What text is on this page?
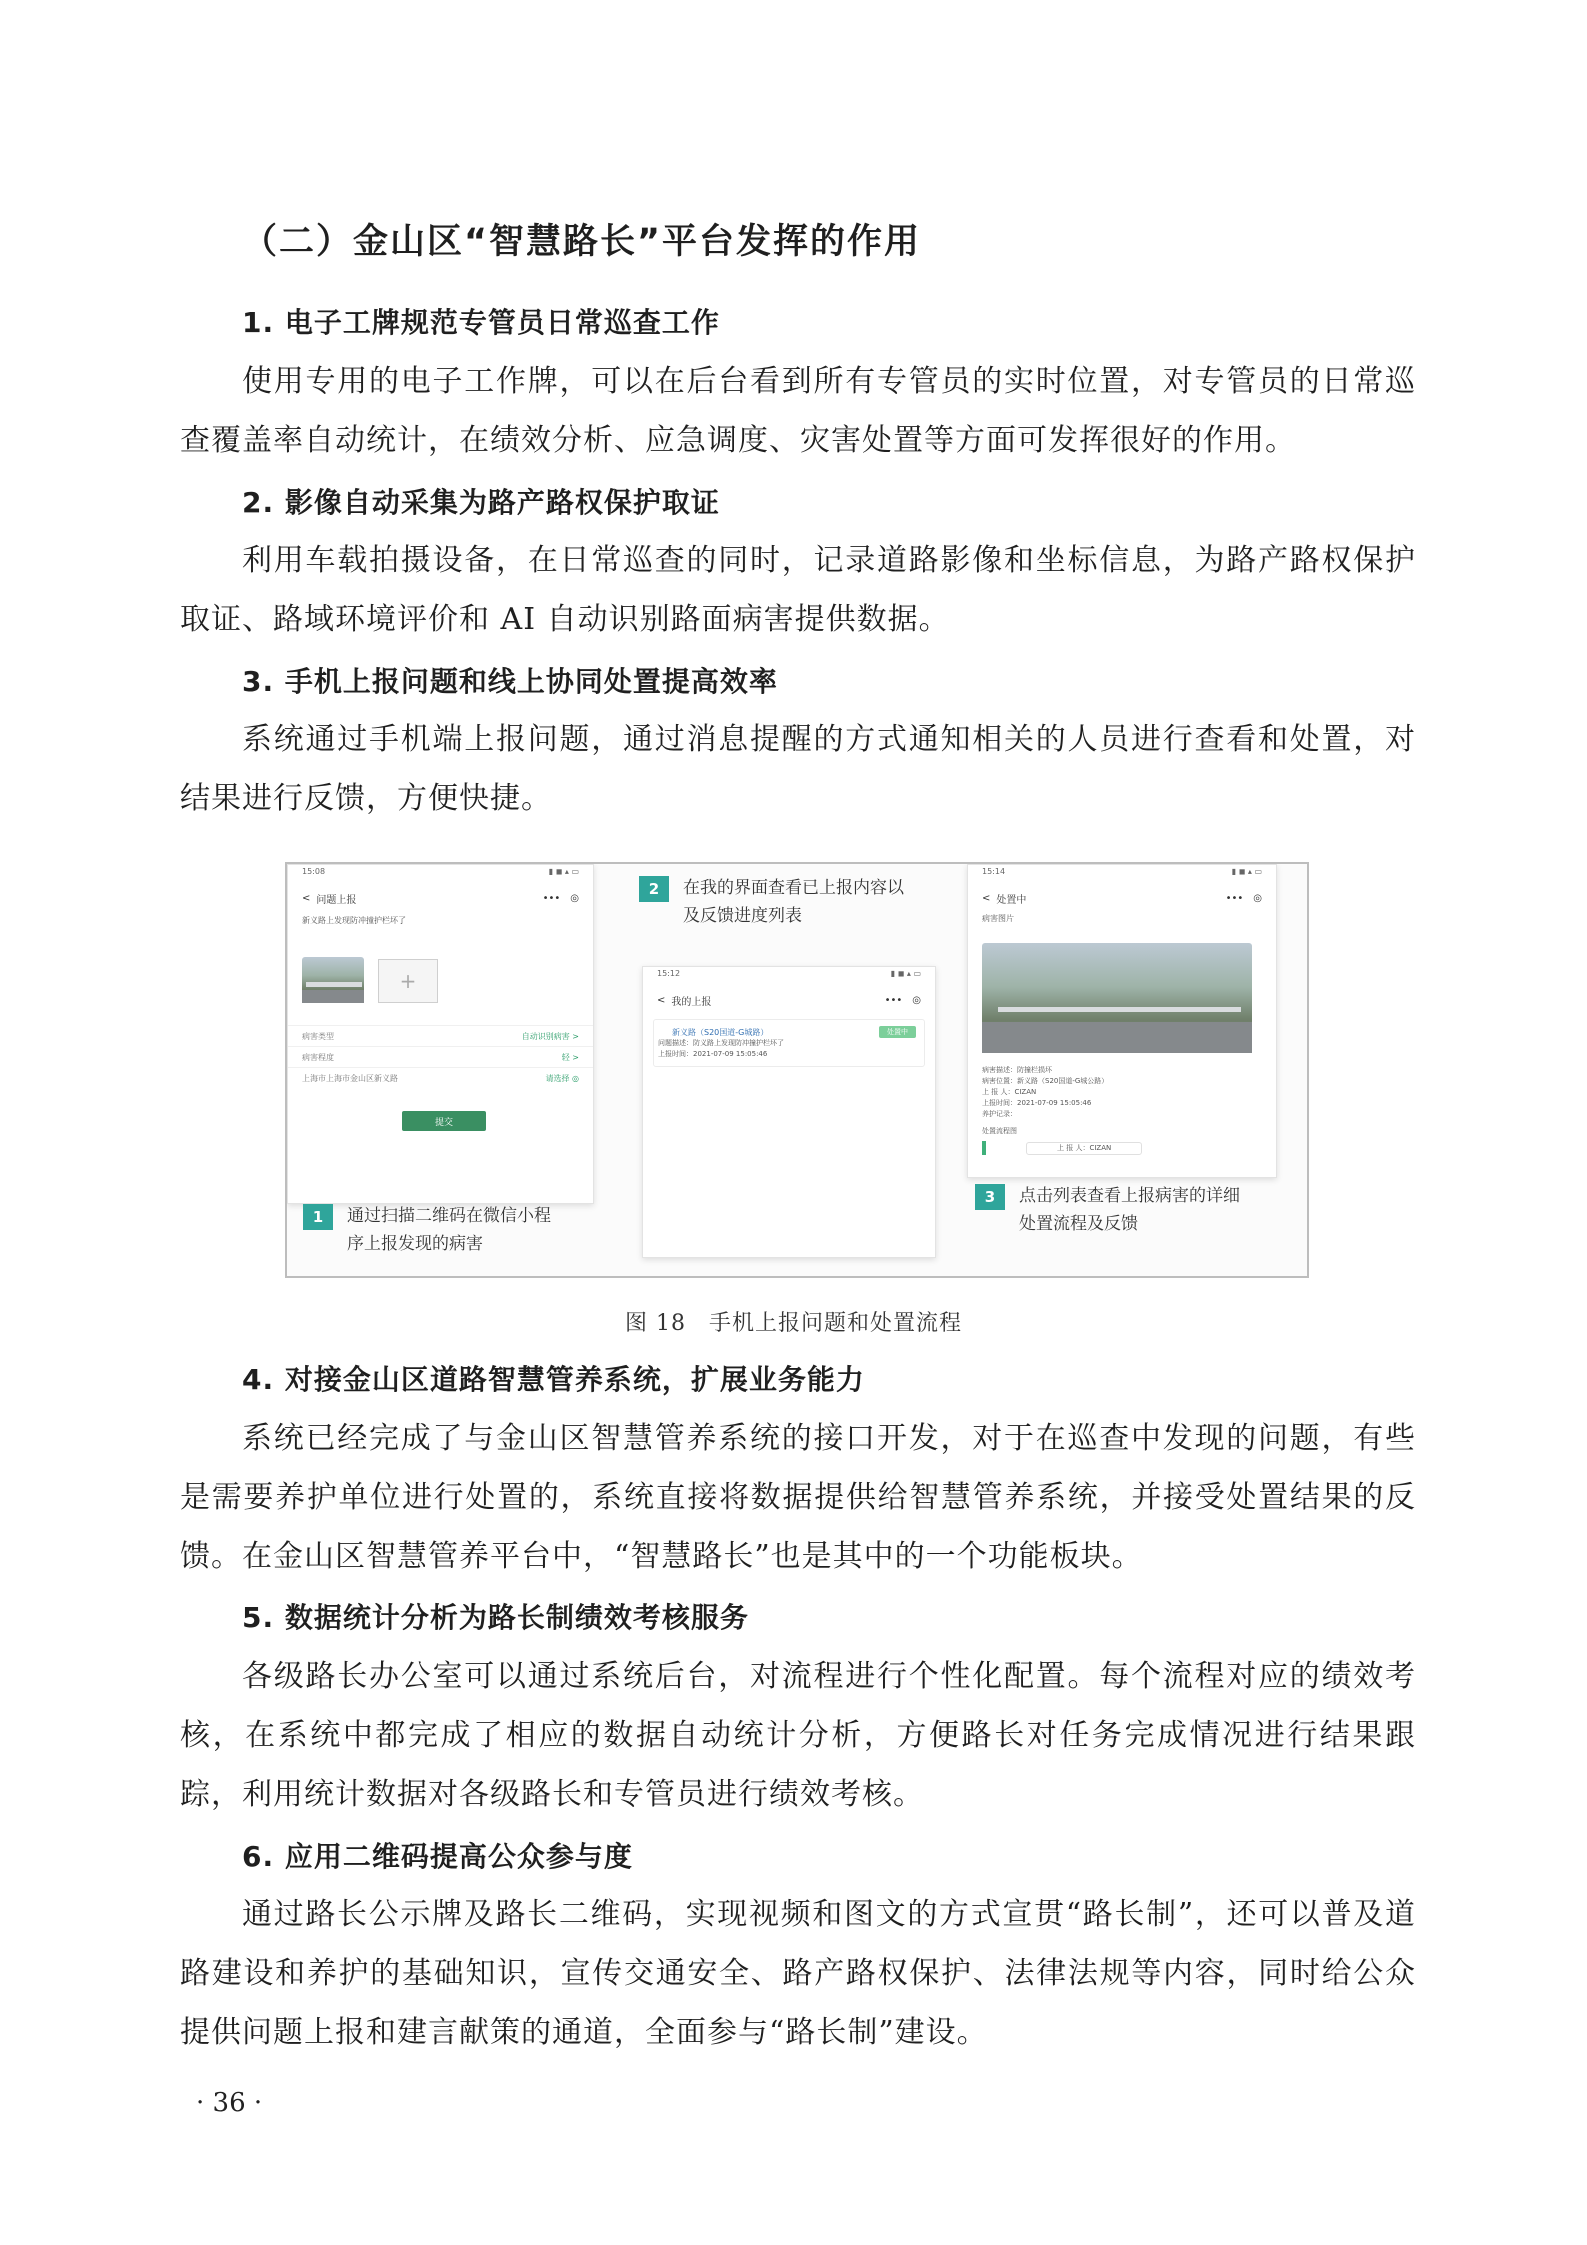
（二）金山区“智慧路长”平台发挥的作用
1. 电子工牌规范专管员日常巡查工作

使用专用的电子工作牌，可以在后台看到所有专管员的实时位置，对专管员的日常巡查覆盖率自动统计，在绩效分析、应急调度、灾害处置等方面可发挥很好的作用。

2. 影像自动采集为路产路权保护取证

利用车载拍摄设备，在日常巡查的同时，记录道路影像和坐标信息，为路产路权保护取证、路域环境评价和 AI 自动识别路面病害提供数据。

3. 手机上报问题和线上协同处置提高效率

系统通过手机端上报问题，通过消息提醒的方式通知相关的人员进行查看和处置，对结果进行反馈，方便快捷。

15:08	▮ ◼ ▴ ▭
< 问题上报	••• ◎
新义路上发现防冲撞护栏坏了
+
病害类型	自动识别病害 >
病害程度	轻 >
上海市上海市金山区新义路	请选择 ◎
提交
1	通过扫描二维码在微信小程
序上报发现的病害
2	在我的界面查看已上报内容以
及反馈进度列表
15:12	▮ ◼ ▴ ▭
< 我的上报	••• ◎
新义路（S20国道-G城路）	处置中
问题描述：防义路上发现防冲撞护栏坏了
上报时间：2021-07-09 15:05:46
15:14	▮ ◼ ▴ ▭
< 处置中	••• ◎
病害图片
病害描述：防撞栏损坏
病害位置：新义路（S20国道-G城公路）
上 报 人：CIZAN
上报时间：2021-07-09 15:05:46
养护记录：
处置流程图
上 报 人：CIZAN
3	点击列表查看上报病害的详细
处置流程及反馈
图 18　手机上报问题和处置流程
4. 对接金山区道路智慧管养系统，扩展业务能力

系统已经完成了与金山区智慧管养系统的接口开发，对于在巡查中发现的问题，有些是需要养护单位进行处置的，系统直接将数据提供给智慧管养系统，并接受处置结果的反馈。在金山区智慧管养平台中，“智慧路长”也是其中的一个功能板块。

5. 数据统计分析为路长制绩效考核服务

各级路长办公室可以通过系统后台，对流程进行个性化配置。每个流程对应的绩效考核，在系统中都完成了相应的数据自动统计分析，方便路长对任务完成情况进行结果跟踪，利用统计数据对各级路长和专管员进行绩效考核。

6. 应用二维码提高公众参与度

通过路长公示牌及路长二维码，实现视频和图文的方式宣贯“路长制”，还可以普及道路建设和养护的基础知识，宣传交通安全、路产路权保护、法律法规等内容，同时给公众提供问题上报和建言献策的通道，全面参与“路长制”建设。

· 36 ·
